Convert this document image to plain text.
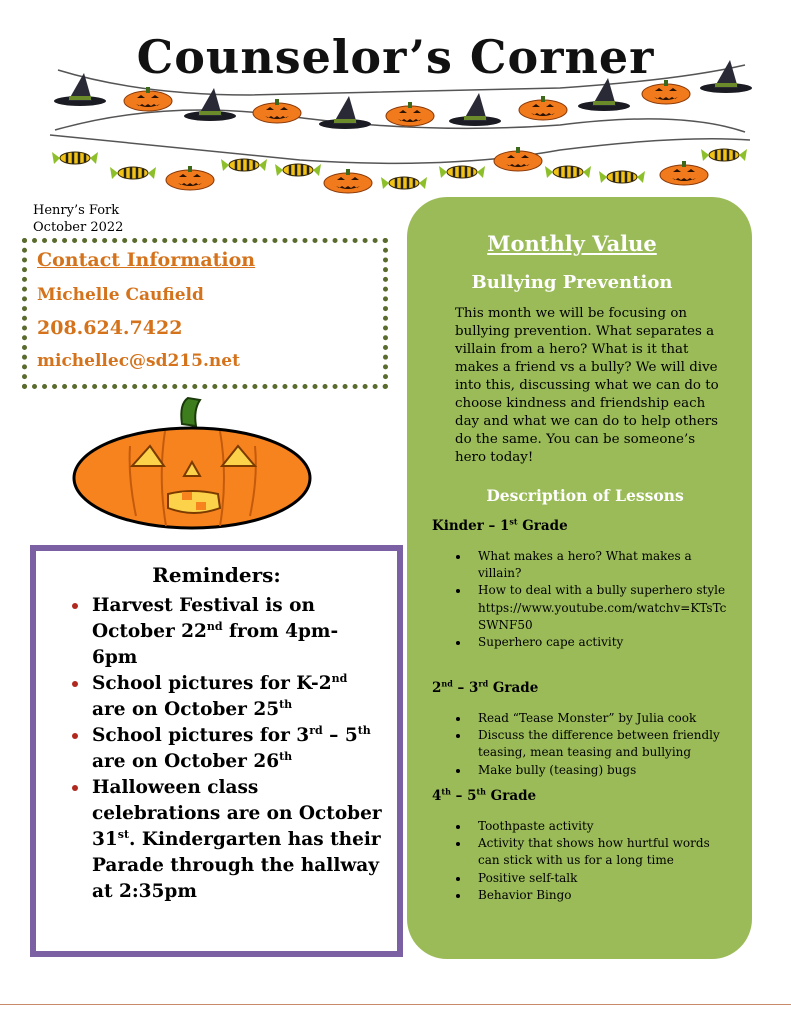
Counselor’s Corner
Henry’s Fork
October 2022
Contact Information
Michelle Caufield
208.624.7422
michellec@sd215.net
Reminders:
Harvest Festival is on October 22nd from 4pm-6pm
School pictures for K-2nd are on October 25th
School pictures for 3rd – 5th are on October 26th
Halloween class celebrations are on October 31st. Kindergarten has their Parade through the hallway at 2:35pm
Monthly Value
Bullying Prevention
This month we will be focusing on bullying prevention. What separates a villain from a hero? What is it that makes a friend vs a bully? We will dive into this, discussing what we can do to choose kindness and friendship each day and what we can do to help others do the same. You can be someone’s hero today!
Description of Lessons
Kinder – 1st Grade
What makes a hero? What makes a villain?
How to deal with a bully superhero style https://www.youtube.com/watchv=KTsTcSWNF50
Superhero cape activity
2nd – 3rd Grade
Read “Tease Monster” by Julia cook
Discuss the difference between friendly teasing, mean teasing and bullying
Make bully (teasing) bugs
4th – 5th Grade
Toothpaste activity
Activity that shows how hurtful words can stick with us for a long time
Positive self-talk
Behavior Bingo
